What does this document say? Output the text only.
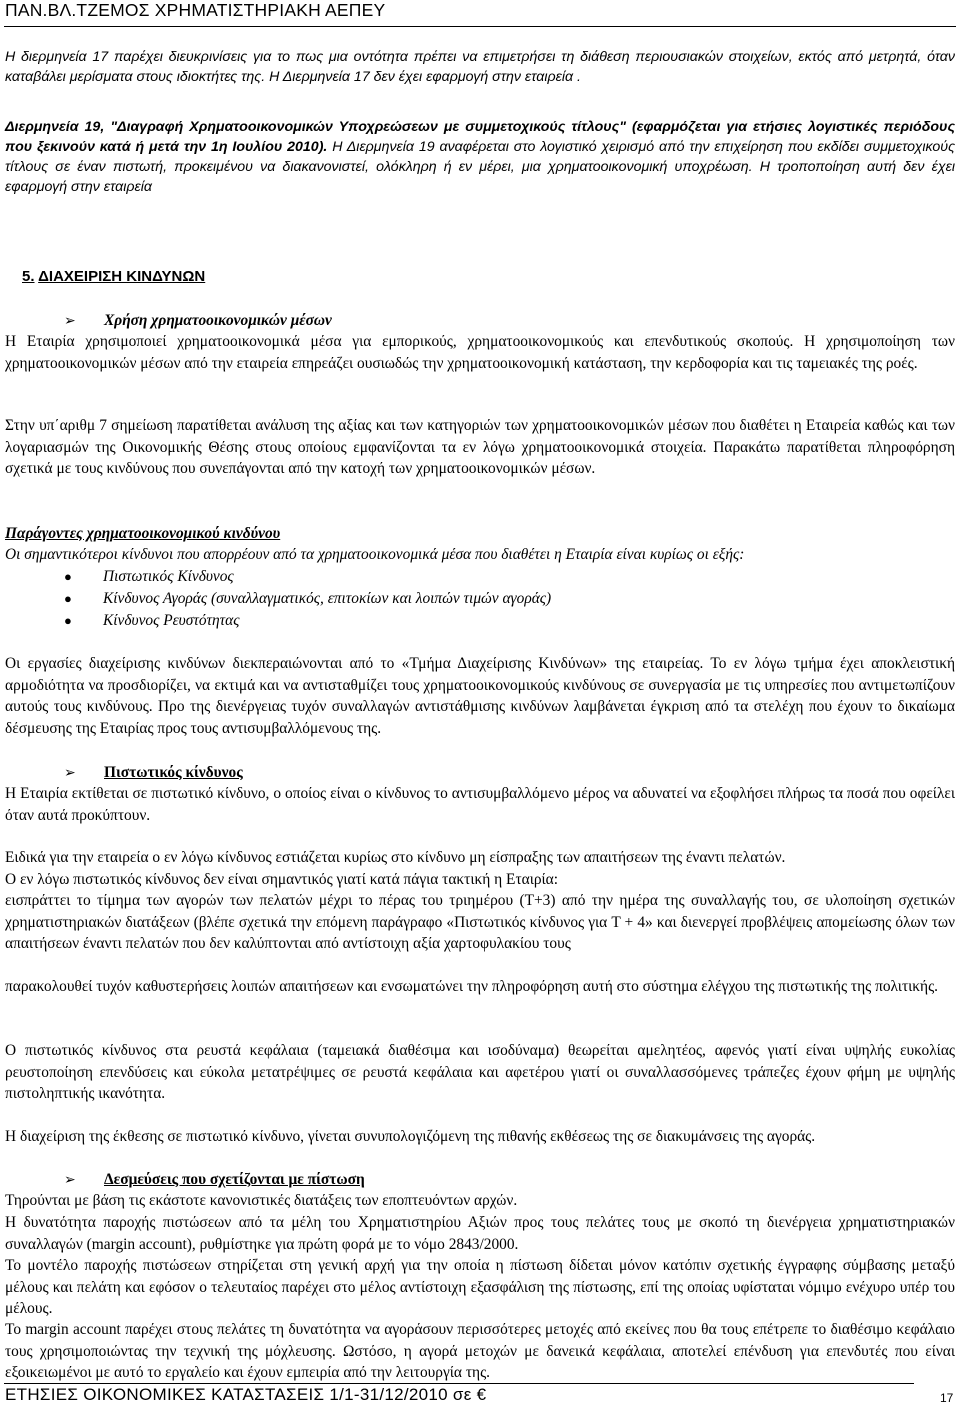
ΠΑΝ.ΒΛ.ΤΖΕΜΟΣ ΧΡΗΜΑΤΙΣΤΗΡΙΑΚΗ ΑΕΠΕΥ

Η διερμηνεία 17 παρέχει διευκρινίσεις για το πως μια οντότητα πρέπει να επιμετρήσει τη διάθεση περιουσιακών στοιχείων, εκτός από μετρητά, όταν καταβάλει μερίσματα στους ιδιοκτήτες της. Η Διερμηνεία 17 δεν έχει εφαρμογή στην εταιρεία .

Διερμηνεία 19, "Διαγραφή Χρηματοοικονομικών Υποχρεώσεων με συμμετοχικούς τίτλους" (εφαρμόζεται για ετήσιες λογιστικές περιόδους που ξεκινούν κατά ή μετά την 1η Ιουλίου 2010). Η Διερμηνεία 19 αναφέρεται στο λογιστικό χειρισμό από την επιχείρηση που εκδίδει συμμετοχικούς τίτλους σε έναν πιστωτή, προκειμένου να διακανονιστεί, ολόκληρη ή εν μέρει, μια χρηματοοικονομική υποχρέωση. Η τροποποίηση αυτή δεν έχει εφαρμογή στην εταιρεία

5. ΔΙΑΧΕΙΡΙΣΗ ΚΙΝΔΥΝΩΝ
➢ Χρήση χρηματοοικονομικών μέσων

Η Εταιρία χρησιμοποιεί χρηματοοικονομικά μέσα για εμπορικούς, χρηματοοικονομικούς και επενδυτικούς σκοπούς. Η χρησιμοποίηση των χρηματοοικονομικών μέσων από την εταιρεία επηρεάζει ουσιωδώς την χρηματοοικονομική κατάσταση, την κερδοφορία και τις ταμειακές της ροές.

Στην υπ΄αριθμ 7 σημείωση παρατίθεται ανάλυση της αξίας και των κατηγοριών των χρηματοοικονομικών μέσων που διαθέτει η Εταιρεία καθώς και των λογαριασμών της Οικονομικής Θέσης στους οποίους εμφανίζονται τα εν λόγω χρηματοοικονομικά στοιχεία. Παρακάτω παρατίθεται πληροφόρηση σχετικά με τους κινδύνους που συνεπάγονται από την κατοχή των χρηματοοικονομικών μέσων.

Παράγοντες χρηματοοικονομικού κινδύνου
Οι σημαντικότεροι κίνδυνοι που απορρέουν από τα χρηματοοικονομικά μέσα που διαθέτει η Εταιρία είναι κυρίως οι εξής:
● Πιστωτικός Κίνδυνος
● Κίνδυνος Αγοράς (συναλλαγματικός, επιτοκίων και λοιπών τιμών αγοράς)
● Κίνδυνος Ρευστότητας

Οι εργασίες διαχείρισης κινδύνων διεκπεραιώνονται από το «Τμήμα Διαχείρισης Κινδύνων» της εταιρείας. Το εν λόγω τμήμα έχει αποκλειστική αρμοδιότητα να προσδιορίζει, να εκτιμά και να αντισταθμίζει τους χρηματοοικονομικούς κινδύνους σε συνεργασία με τις υπηρεσίες που αντιμετωπίζουν αυτούς τους κινδύνους. Προ της διενέργειας τυχόν συναλλαγών αντιστάθμισης κινδύνων λαμβάνεται έγκριση από τα στελέχη που έχουν το δικαίωμα δέσμευσης της Εταιρίας προς τους αντισυμβαλλόμενους της.

➢ Πιστωτικός κίνδυνος

Η Εταιρία εκτίθεται σε πιστωτικό κίνδυνο, ο οποίος είναι ο κίνδυνος το αντισυμβαλλόμενο μέρος να αδυνατεί να εξοφλήσει πλήρως τα ποσά που οφείλει όταν αυτά προκύπτουν.

Ειδικά για την εταιρεία ο εν λόγω κίνδυνος εστιάζεται κυρίως στο κίνδυνο μη είσπραξης των απαιτήσεων της έναντι πελατών.
Ο εν λόγω πιστωτικός κίνδυνος δεν είναι σημαντικός γιατί κατά πάγια τακτική η Εταιρία:

εισπράττει το τίμημα των αγορών των πελατών μέχρι το πέρας του τριημέρου (T+3) από την ημέρα της συναλλαγής του, σε υλοποίηση σχετικών χρηματιστηριακών διατάξεων (βλέπε σχετικά την επόμενη παράγραφο «Πιστωτικός κίνδυνος για T + 4» και διενεργεί προβλέψεις απομείωσης όλων των απαιτήσεων έναντι πελατών που δεν καλύπτονται από αντίστοιχη αξία χαρτοφυλακίου τους

παρακολουθεί τυχόν καθυστερήσεις λοιπών απαιτήσεων και ενσωματώνει την πληροφόρηση αυτή στο σύστημα ελέγχου της πιστωτικής της πολιτικής.

Ο πιστωτικός κίνδυνος στα ρευστά κεφάλαια (ταμειακά διαθέσιμα και ισοδύναμα) θεωρείται αμελητέος, αφενός γιατί είναι υψηλής ευκολίας ρευστοποίηση επενδύσεις και εύκολα μετατρέψιμες σε ρευστά κεφάλαια και αφετέρου γιατί οι συναλλασσόμενες τράπεζες έχουν φήμη με υψηλής πιστοληπτικής ικανότητα.

Η διαχείριση της έκθεσης σε πιστωτικό κίνδυνο, γίνεται συνυπολογιζόμενη της πιθανής εκθέσεως της σε διακυμάνσεις της αγοράς.

➢ Δεσμεύσεις που σχετίζονται με πίστωση
Τηρούνται με βάση τις εκάστοτε κανονιστικές διατάξεις των εποπτευόντων αρχών.

Η δυνατότητα παροχής πιστώσεων από τα μέλη του Χρηματιστηρίου Αξιών προς τους πελάτες τους με σκοπό τη διενέργεια χρηματιστηριακών συναλλαγών (margin account), ρυθμίστηκε για πρώτη φορά με το νόμο 2843/2000.

Το μοντέλο παροχής πιστώσεων στηρίζεται στη γενική αρχή για την οποία η πίστωση δίδεται μόνον κατόπιν σχετικής έγγραφης σύμβασης μεταξύ μέλους και πελάτη και εφόσον ο τελευταίος παρέχει στο μέλος αντίστοιχη εξασφάλιση της πίστωσης, επί της οποίας υφίσταται νόμιμο ενέχυρο υπέρ του μέλους.

Το margin account παρέχει στους πελάτες τη δυνατότητα να αγοράσουν περισσότερες μετοχές από εκείνες που θα τους επέτρεπε το διαθέσιμο κεφάλαιο τους χρησιμοποιώντας την τεχνική της μόχλευσης. Ωστόσο, η αγορά μετοχών με δανεικά κεφάλαια, αποτελεί επένδυση για επενδυτές που είναι εξοικειωμένοι με αυτό το εργαλείο και έχουν εμπειρία από την λειτουργία της.

ΕΤΗΣΙΕΣ ΟΙΚΟΝΟΜΙΚΕΣ ΚΑΤΑΣΤΑΣΕΙΣ 1/1-31/12/2010 σε €	17
